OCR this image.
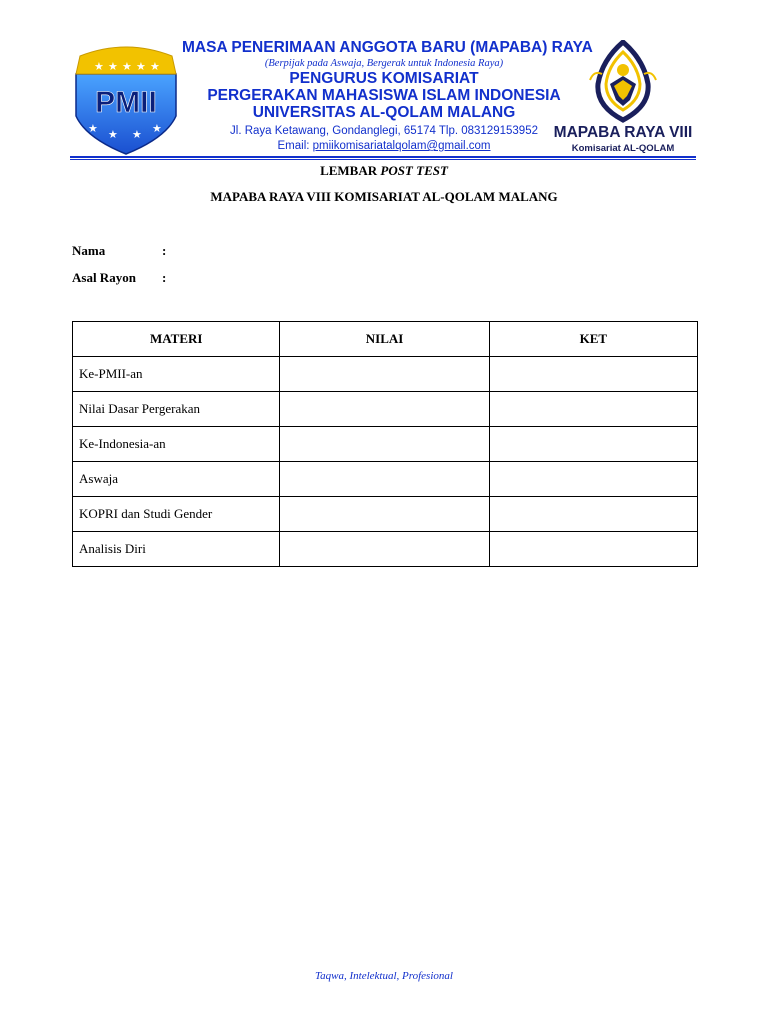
★ ★ ★ ★ ★
★ ★ ★ ★
PMII
MASA PENERIMAAN ANGGOTA BARU (MAPABA) RAYA
(Berpijak pada Aswaja, Bergerak untuk Indonesia Raya)
PENGURUS KOMISARIAT
PERGERAKAN MAHASISWA ISLAM INDONESIA
UNIVERSITAS AL-QOLAM MALANG
Jl. Raya Ketawang, Gondanglegi, 65174 Tlp. 083129153952
Email: pmiikomisariatalqolam@gmail.com
MAPABA RAYA VIII
Komisariat AL-QOLAM
LEMBAR POST TEST
MAPABA RAYA VIII KOMISARIAT AL-QOLAM MALANG
Nama	:
Asal Rayon :
MATERI	NILAI	KET
Ke-PMII-an		
Nilai Dasar Pergerakan		
Ke-Indonesia-an		
Aswaja		
KOPRI dan Studi Gender		
Analisis Diri		
Taqwa, Intelektual, Profesional
